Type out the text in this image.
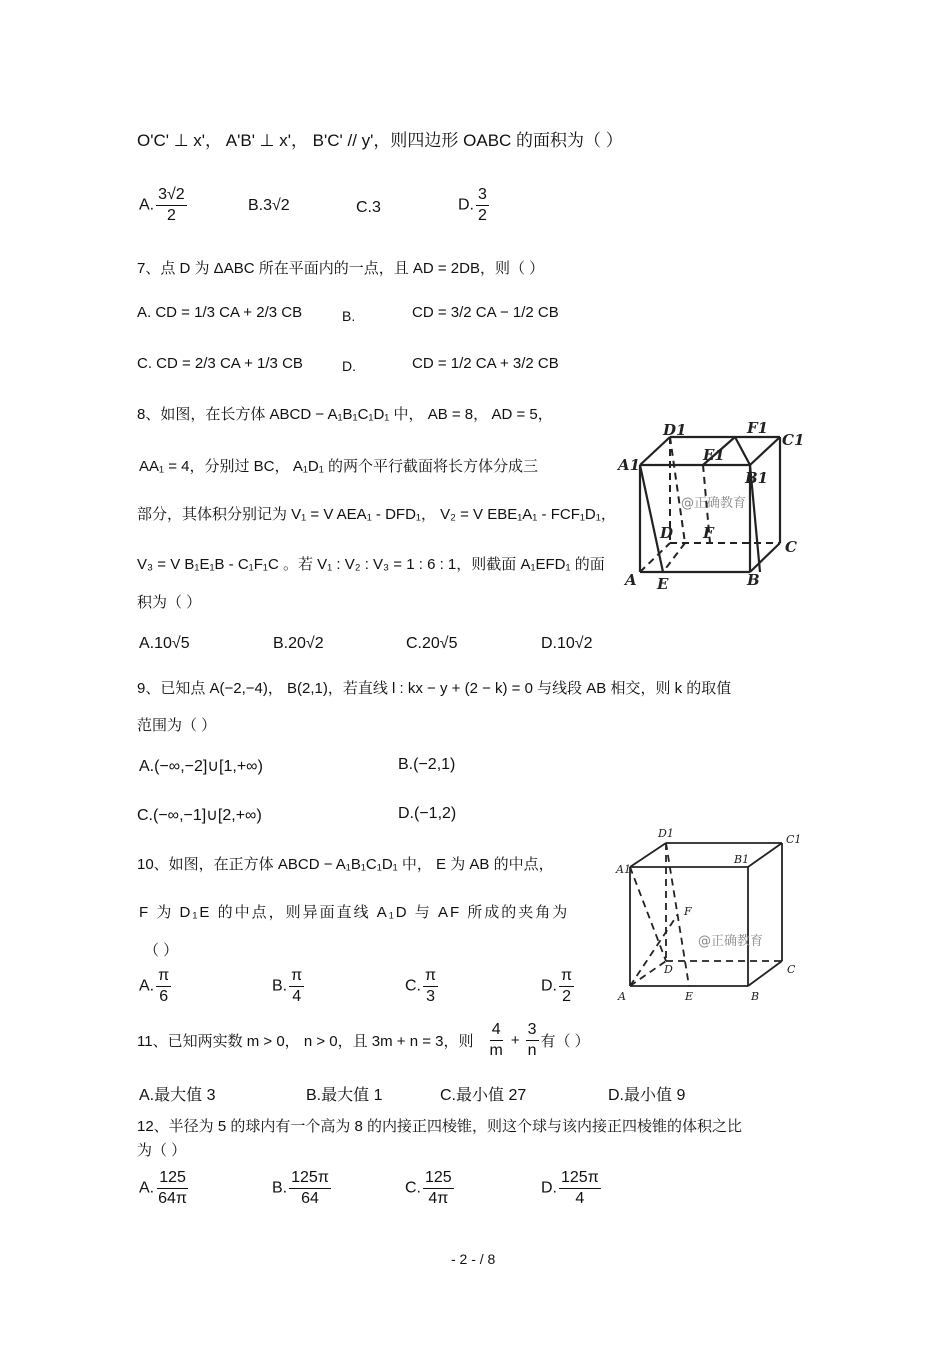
O'C' ⊥ x'， A'B' ⊥ x'， B'C' // y'，则四边形 OABC 的面积为（ ）
A. $\frac{3√2}{2}$	B.3√2	C.3	D. $\frac{3}{2}$
7、点 D 为 ΔABC 所在平面内的一点，且 AD = 2DB，则（ ）
A. CD = 1/3 CA + 2/3 CB	B.	CD = 3/2 CA − 1/2 CB
C. CD = 2/3 CA + 1/3 CB	D.	CD = 1/2 CA + 3/2 CB
8、如图，在长方体 ABCD − A₁B₁C₁D₁ 中， AB = 8， AD = 5，
AA₁ = 4，分别过 BC， A₁D₁ 的两个平行截面将长方体分成三
部分，其体积分别记为 V₁ = V AEA₁ - DFD₁， V₂ = V EBE₁A₁ - FCF₁D₁，
V₃ = V B₁E₁B - C₁F₁C 。若 V₁ : V₂ : V₃ = 1 : 6 : 1，则截面 A₁EFD₁ 的面
积为（ ）
A.10√5	B.20√2	C.20√5	D.10√2
D1	F1
C1
E1
A1
B1
D F
C
A E	B
@正确教育
9、已知点 A(−2,−4)， B(2,1)，若直线 l : kx − y + (2 − k) = 0 与线段 AB 相交，则 k 的取值
范围为（ ）
A.(−∞,−2]∪[1,+∞)	B.(−2,1)
C.(−∞,−1]∪[2,+∞)	D.(−1,2)
10、如图，在正方体 ABCD − A₁B₁C₁D₁ 中， E 为 AB 的中点，
F 为 D₁E 的中点，则异面直线 A₁D 与 AF 所成的夹角为
（ ）
A. $\frac{\pi}{6}$	B. $\frac{\pi}{4}$	C. $\frac{\pi}{3}$	D. $\frac{\pi}{2}$
D1	C1
A1
B1
F
D	C
A	E	B
@正确教育
11、已知两实数 m > 0， n > 0，且 3m + n = 3，则 $\frac{4}{m} + \frac{3}{n}$ 有（ ）
A.最大值 3	B.最大值 1	C.最小值 27	D.最小值 9
12、半径为 5 的球内有一个高为 8 的内接正四棱锥，则这个球与该内接正四棱锥的体积之比
为（ ）
A. $\frac{125}{64\pi}$	B. $\frac{125\pi}{64}$	C. $\frac{125}{4\pi}$	D. $\frac{125\pi}{4}$
- 2 - / 8
